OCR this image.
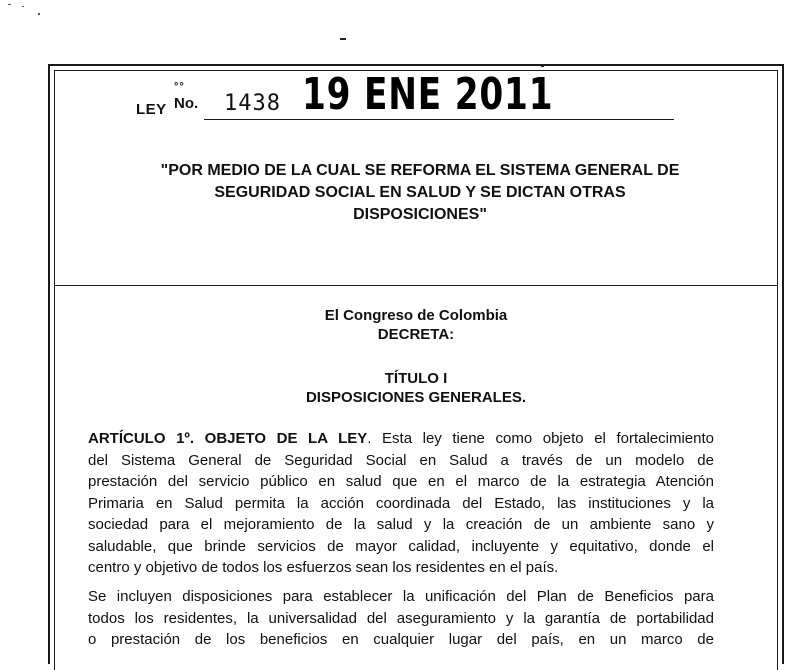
LEY
°°
No. 1438 19 ENE 2011
"POR MEDIO DE LA CUAL SE REFORMA EL SISTEMA GENERAL DE
SEGURIDAD SOCIAL EN SALUD Y SE DICTAN OTRAS
DISPOSICIONES"
El Congreso de Colombia
DECRETA:
TÍTULO I
DISPOSICIONES GENERALES.
ARTÍCULO 1º. OBJETO DE LA LEY. Esta ley tiene como objeto el fortalecimiento
del Sistema General de Seguridad Social en Salud a través de un modelo de
prestación del servicio público en salud que en el marco de la estrategia Atención
Primaria en Salud permita la acción coordinada del Estado, las instituciones y la
sociedad para el mejoramiento de la salud y la creación de un ambiente sano y
saludable, que brinde servicios de mayor calidad, incluyente y equitativo, donde el
centro y objetivo de todos los esfuerzos sean los residentes en el país.
Se incluyen disposiciones para establecer la unificación del Plan de Beneficios para
todos los residentes, la universalidad del aseguramiento y la garantía de portabilidad
o prestación de los beneficios en cualquier lugar del país, en un marco de
